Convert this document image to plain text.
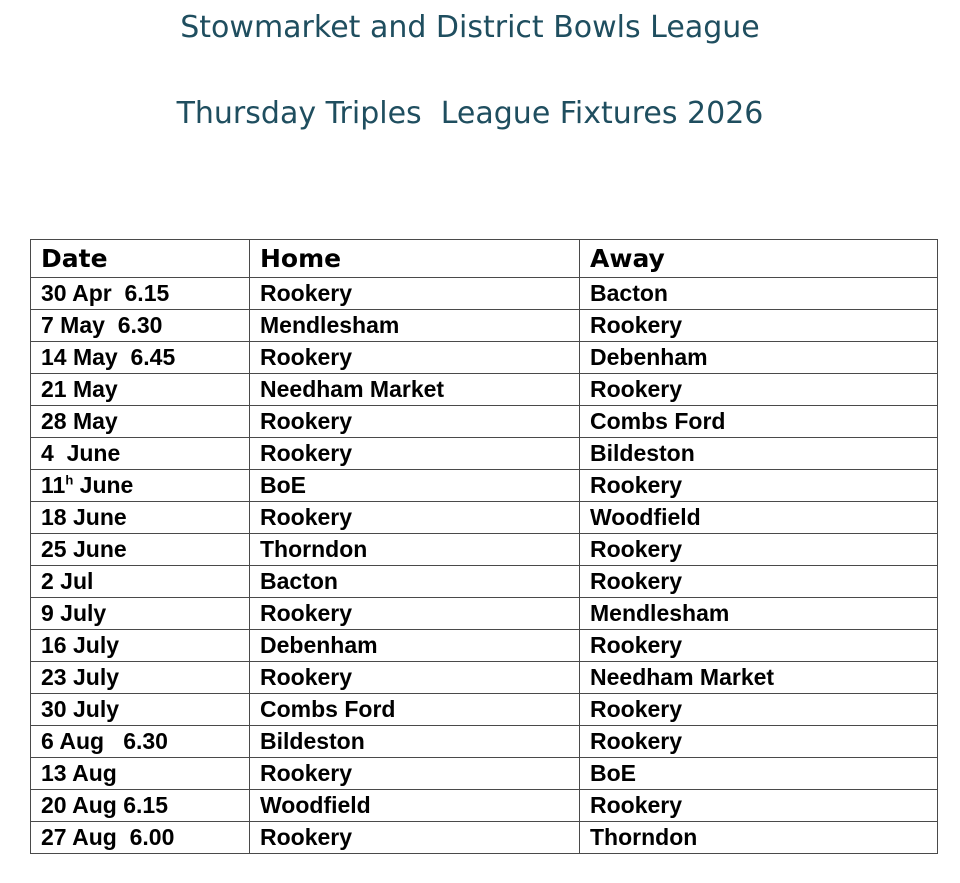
Stowmarket and District Bowls League
Thursday Triples  League Fixtures 2026
Date	Home	Away
30 Apr  6.15	Rookery	Bacton
7 May  6.30	Mendlesham	Rookery
14 May  6.45	Rookery	Debenham
21 May	Needham Market	Rookery
28 May	Rookery	Combs Ford
4  June	Rookery	Bildeston
11$^h$ June	BoE	Rookery
18 June	Rookery	Woodfield
25 June	Thorndon	Rookery
2 Jul	Bacton	Rookery
9 July	Rookery	Mendlesham
16 July	Debenham	Rookery
23 July	Rookery	Needham Market
30 July	Combs Ford	Rookery
6 Aug   6.30	Bildeston	Rookery
13 Aug	Rookery	BoE
20 Aug 6.15	Woodfield	Rookery
27 Aug  6.00	Rookery	Thorndon
